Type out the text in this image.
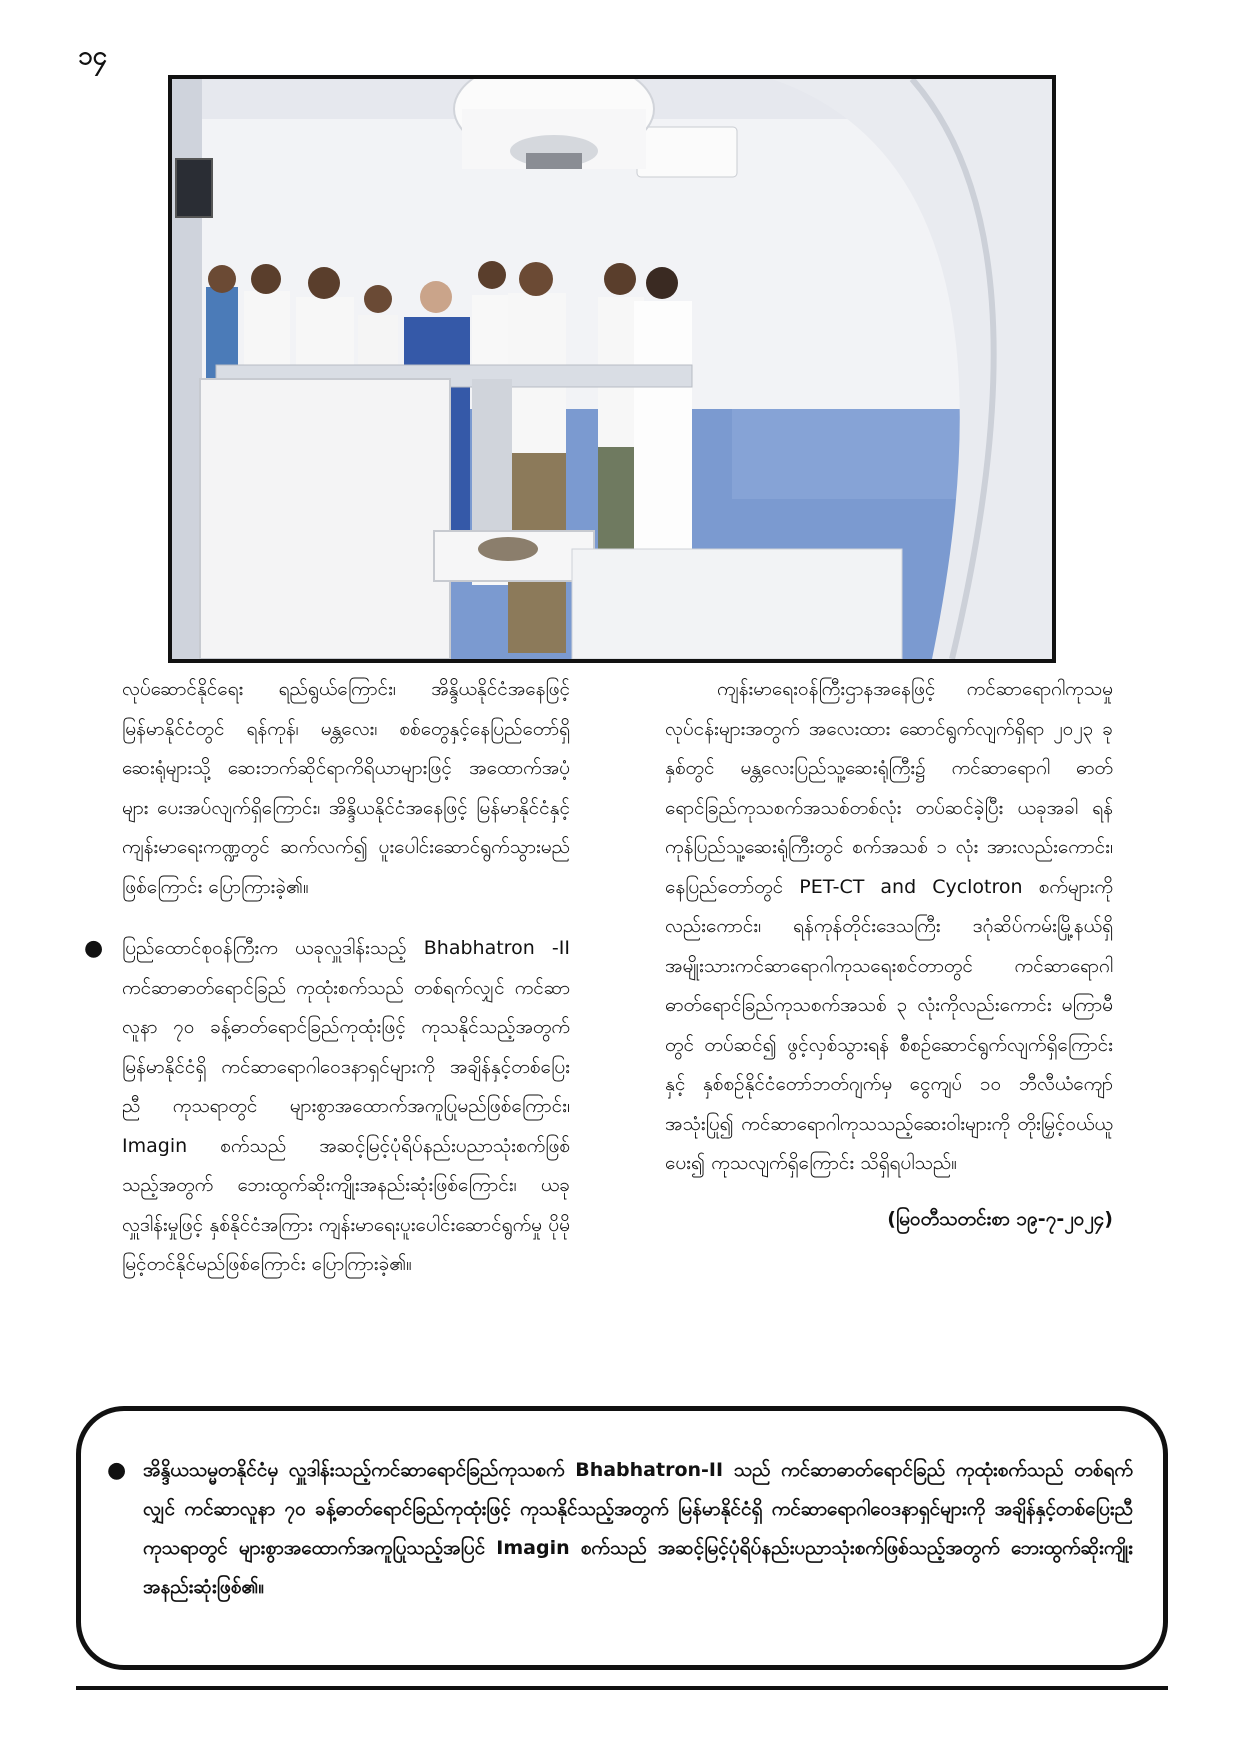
၁၄

လုပ်ဆောင်နိုင်ရေး ရည်ရွယ်ကြောင်း၊ အိန္ဒိယနိုင်ငံအနေဖြင့် မြန်မာနိုင်ငံတွင် ရန်ကုန်၊ မန္တလေး၊ စစ်တွေနှင့်နေပြည်တော်ရှိ ဆေးရုံများသို့ ဆေးဘက်ဆိုင်ရာကိရိယာများဖြင့် အထောက်အပံ့များ ပေးအပ်လျက်ရှိကြောင်း၊ အိန္ဒိယနိုင်ငံအနေဖြင့် မြန်မာနိုင်ငံနှင့် ကျန်းမာရေးကဏ္ဍတွင် ဆက်လက်၍ ပူးပေါင်းဆောင်ရွက်သွားမည်ဖြစ်ကြောင်း ပြောကြားခဲ့၏။

● ပြည်ထောင်စုဝန်ကြီးက ယခုလှူဒါန်းသည့် Bhabhatron -II ကင်ဆာဓာတ်ရောင်ခြည် ကုထုံးစက်သည် တစ်ရက်လျှင် ကင်ဆာလူနာ ၇၀ ခန့်ဓာတ်ရောင်ခြည်ကုထုံးဖြင့် ကုသနိုင်သည့်အတွက် မြန်မာနိုင်ငံရှိ ကင်ဆာရောဂါဝေဒနာရှင်များကို အချိန်နှင့်တစ်ပြေးညီ ကုသရာတွင် များစွာအထောက်အကူပြုမည်ဖြစ်ကြောင်း၊ Imagin စက်သည် အဆင့်မြင့်ပုံရိပ်နည်းပညာသုံးစက်ဖြစ်သည့်အတွက် ဘေးထွက်ဆိုးကျိုးအနည်းဆုံးဖြစ်ကြောင်း၊ ယခုလှူဒါန်းမှုဖြင့် နှစ်နိုင်ငံအကြား ကျန်းမာရေးပူးပေါင်းဆောင်ရွက်မှု ပိုမိုမြင့်တင်နိုင်မည်ဖြစ်ကြောင်း ပြောကြားခဲ့၏။

ကျန်းမာရေးဝန်ကြီးဌာနအနေဖြင့် ကင်ဆာရောဂါကုသမှုလုပ်ငန်းများအတွက် အလေးထား ဆောင်ရွက်လျက်ရှိရာ ၂၀၂၃ ခုနှစ်တွင် မန္တလေးပြည်သူ့ဆေးရုံကြီး၌ ကင်ဆာရောဂါ ဓာတ်ရောင်ခြည်ကုသစက်အသစ်တစ်လုံး တပ်ဆင်ခဲ့ပြီး ယခုအခါ ရန်ကုန်ပြည်သူ့ဆေးရုံကြီးတွင် စက်အသစ် ၁ လုံး အားလည်းကောင်း၊ နေပြည်တော်တွင် PET-CT and Cyclotron စက်များကိုလည်းကောင်း၊ ရန်ကုန်တိုင်းဒေသကြီး ဒဂုံဆိပ်ကမ်းမြို့နယ်ရှိ အမျိုးသားကင်ဆာရောဂါကုသရေးစင်တာတွင် ကင်ဆာရောဂါဓာတ်ရောင်ခြည်ကုသစက်အသစ် ၃ လုံးကိုလည်းကောင်း မကြာမီတွင် တပ်ဆင်၍ ဖွင့်လှစ်သွားရန် စီစဉ်ဆောင်ရွက်လျက်ရှိကြောင်းနှင့် နှစ်စဉ်နိုင်ငံတော်ဘတ်ဂျက်မှ ငွေကျပ် ၁၀ ဘီလီယံကျော် အသုံးပြု၍ ကင်ဆာရောဂါကုသသည့်ဆေးဝါးများကို တိုးမြှင့်ဝယ်ယူပေး၍ ကုသလျက်ရှိကြောင်း သိရှိရပါသည်။

(မြဝတီသတင်းစာ ၁၉-၇-၂၀၂၄)

● အိန္ဒိယသမ္မတနိုင်ငံမှ လှူဒါန်းသည့်ကင်ဆာရောင်ခြည်ကုသစက် Bhabhatron-II သည် ကင်ဆာဓာတ်ရောင်ခြည် ကုထုံးစက်သည် တစ်ရက်လျှင် ကင်ဆာလူနာ ၇၀ ခန့်ဓာတ်ရောင်ခြည်ကုထုံးဖြင့် ကုသနိုင်သည့်အတွက် မြန်မာနိုင်ငံရှိ ကင်ဆာရောဂါဝေဒနာရှင်များကို အချိန်နှင့်တစ်ပြေးညီ ကုသရာတွင် များစွာအထောက်အကူပြုသည့်အပြင် Imagin စက်သည် အဆင့်မြင့်ပုံရိပ်နည်းပညာသုံးစက်ဖြစ်သည့်အတွက် ဘေးထွက်ဆိုးကျိုးအနည်းဆုံးဖြစ်၏။
